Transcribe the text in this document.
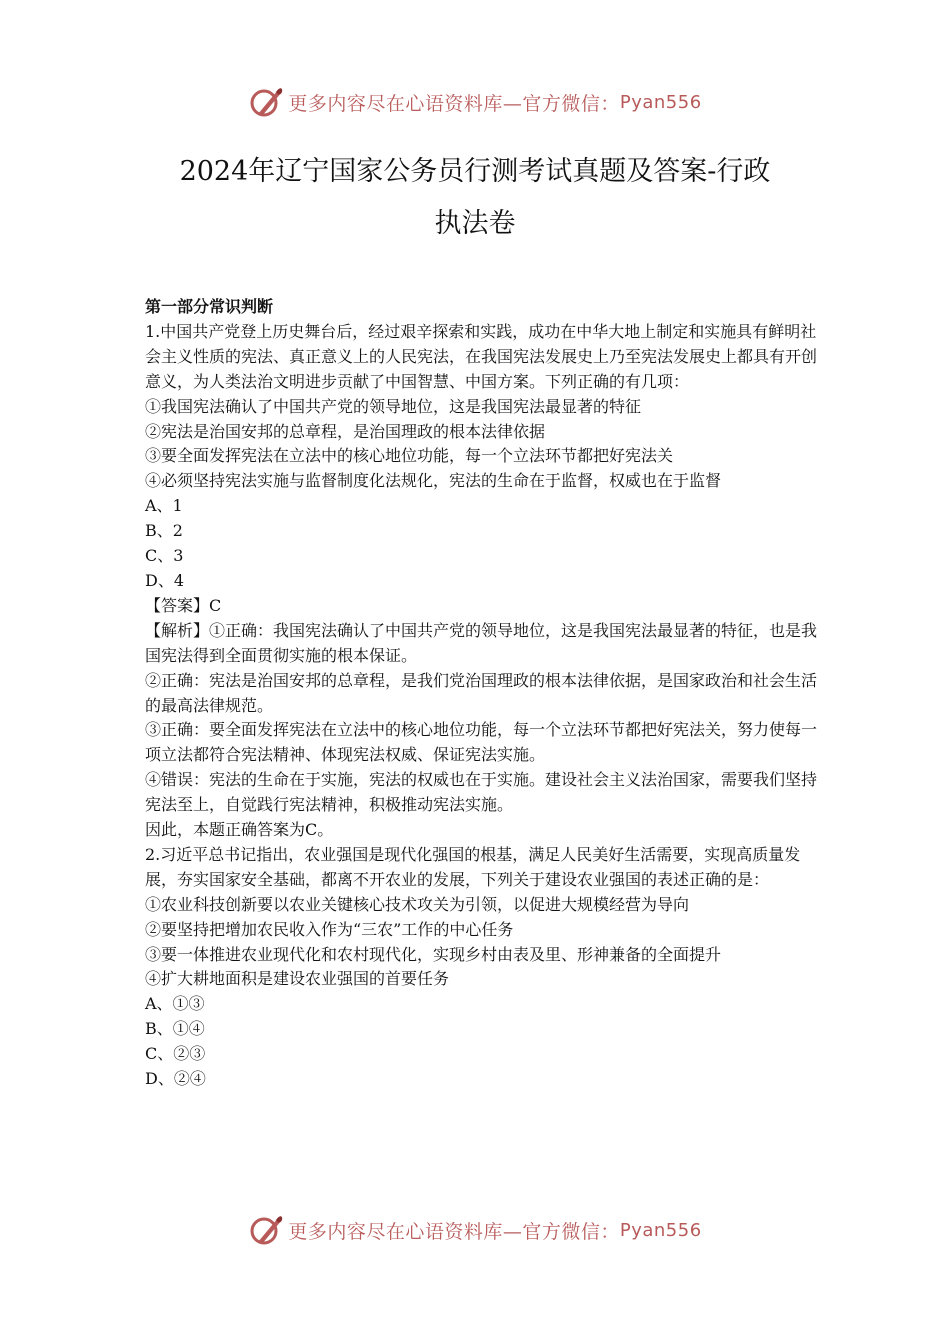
更多内容尽在心语资料库—官方微信： Pyan556
2024年辽宁国家公务员行测考试真题及答案-行政
执法卷

第一部分常识判断

1.中国共产党登上历史舞台后，经过艰辛探索和实践，成功在中华大地上制定和实施具有鲜明社会主义性质的宪法、真正意义上的人民宪法，在我国宪法发展史上乃至宪法发展史上都具有开创意义，为人类法治文明进步贡献了中国智慧、中国方案。下列正确的有几项：

①我国宪法确认了中国共产党的领导地位，这是我国宪法最显著的特征

②宪法是治国安邦的总章程，是治国理政的根本法律依据

③要全面发挥宪法在立法中的核心地位功能，每一个立法环节都把好宪法关

④必须坚持宪法实施与监督制度化法规化，宪法的生命在于监督，权威也在于监督

A、1

B、2

C、3

D、4

【答案】C

【解析】①正确：我国宪法确认了中国共产党的领导地位，这是我国宪法最显著的特征，也是我国宪法得到全面贯彻实施的根本保证。

②正确：宪法是治国安邦的总章程，是我们党治国理政的根本法律依据，是国家政治和社会生活的最高法律规范。

③正确：要全面发挥宪法在立法中的核心地位功能，每一个立法环节都把好宪法关，努力使每一项立法都符合宪法精神、体现宪法权威、保证宪法实施。

④错误：宪法的生命在于实施，宪法的权威也在于实施。建设社会主义法治国家，需要我们坚持宪法至上，自觉践行宪法精神，积极推动宪法实施。

因此，本题正确答案为C。

2.习近平总书记指出，农业强国是现代化强国的根基，满足人民美好生活需要，实现高质量发展，夯实国家安全基础，都离不开农业的发展，下列关于建设农业强国的表述正确的是：

①农业科技创新要以农业关键核心技术攻关为引领，以促进大规模经营为导向

②要坚持把增加农民收入作为“三农”工作的中心任务

③要一体推进农业现代化和农村现代化，实现乡村由表及里、形神兼备的全面提升

④扩大耕地面积是建设农业强国的首要任务

A、①③

B、①④

C、②③

D、②④

更多内容尽在心语资料库—官方微信： Pyan556
